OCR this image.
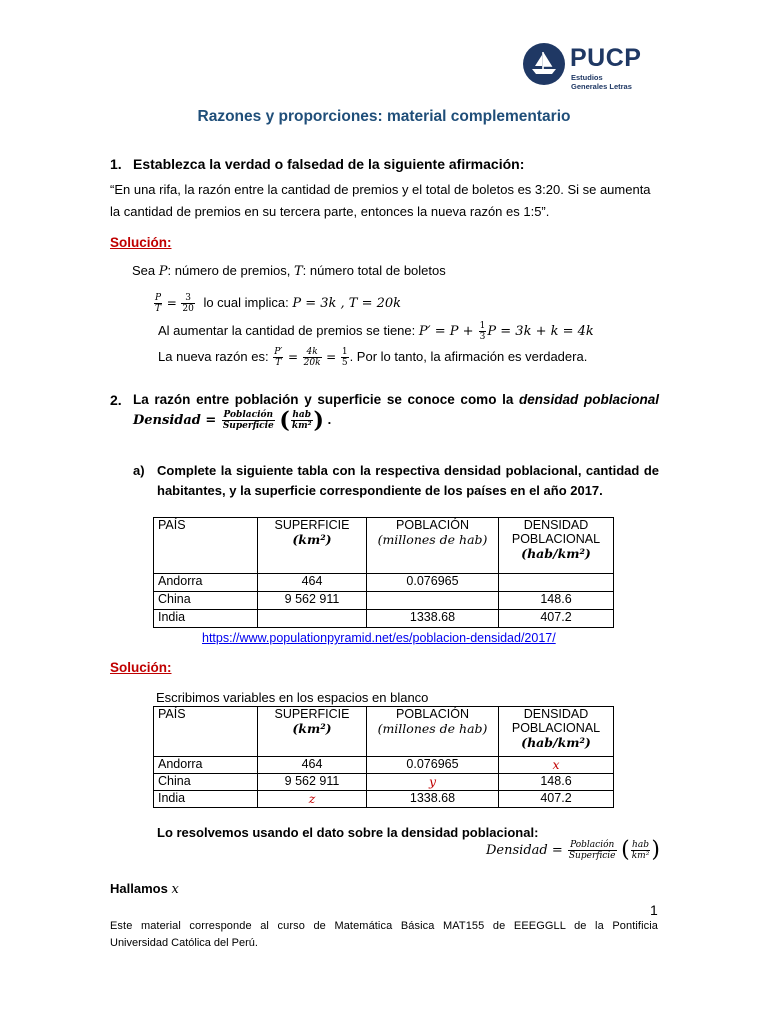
PUCP
Estudios
Generales Letras
Razones y proporciones: material complementario
1. Establezca la verdad o falsedad de la siguiente afirmación:
“En una rifa, la razón entre la cantidad de premios y el total de boletos es 3:20. Si se aumenta
la cantidad de premios en su tercera parte, entonces la nueva razón es 1:5”.
Solución:
Sea P: número de premios, T: número total de boletos
$\frac{P}{T} = \frac{3}{20}$ lo cual implica: P = 3k , T = 20k
Al aumentar la cantidad de premios se tiene: $P' = P + \frac{1}{3}$ P = 3k + k = 4k
La nueva razón es: $\frac{P'}{T} = \frac{4k}{20k} = \frac{1}{5}$ . Por lo tanto, la afirmación es verdadera.
2. La razón entre población y superficie se conoce como la densidad poblacional
Densidad = $\frac{\text{Población}}{\text{Superficie}}$ ( $\frac{\text{hab}}{\text{km²}}$ ) .
a) Complete la siguiente tabla con la respectiva densidad poblacional, cantidad de
habitantes, y la superficie correspondiente de los países en el año 2017.
PAÍS	SUPERFICIE
(km²)	POBLACIÓN
(millones de hab)	DENSIDAD
POBLACIONAL
(hab/km²)
Andorra	464	0.076965	
China	9 562 911		148.6
India		1338.68	407.2
https://www.populationpyramid.net/es/poblacion-densidad/2017/
Solución:
Escribimos variables en los espacios en blanco
PAÍS	SUPERFICIE
(km²)	POBLACIÓN
(millones de hab)	DENSIDAD
POBLACIONAL
(hab/km²)
Andorra	464	0.076965	x
China	9 562 911	y	148.6
India	z	1338.68	407.2
Lo resolvemos usando el dato sobre la densidad poblacional:
Densidad = $\frac{\text{Población}}{\text{Superficie}}$ ( $\frac{\text{hab}}{\text{km²}}$ )
Hallamos x
1
Este material corresponde al curso de Matemática Básica MAT155 de EEEGGLL de la Pontificia
Universidad Católica del Perú.
